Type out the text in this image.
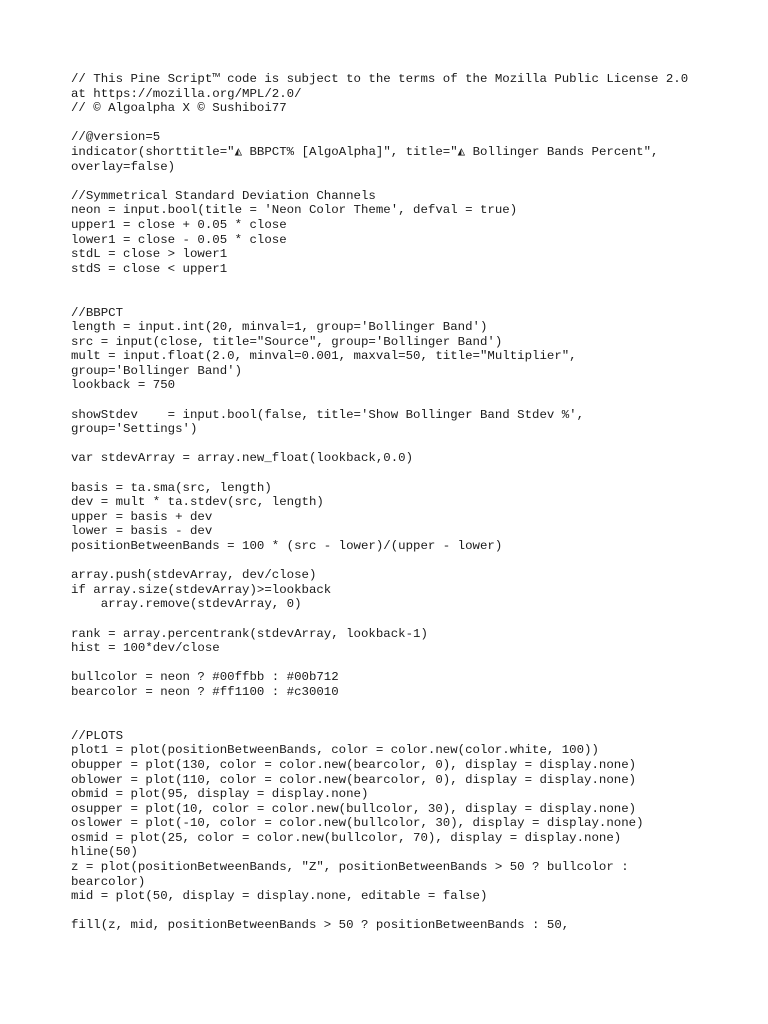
// This Pine Script™ code is subject to the terms of the Mozilla Public License 2.0
at https://mozilla.org/MPL/2.0/
// © Algoalpha X © Sushiboi77
//@version=5
indicator(shorttitle="◭ BBPCT% [AlgoAlpha]", title="◭ Bollinger Bands Percent",
overlay=false)
//Symmetrical Standard Deviation Channels
neon = input.bool(title = 'Neon Color Theme', defval = true)
upper1 = close + 0.05 * close
lower1 = close - 0.05 * close
stdL = close > lower1
stdS = close < upper1
//BBPCT
length = input.int(20, minval=1, group='Bollinger Band')
src = input(close, title="Source", group='Bollinger Band')
mult = input.float(2.0, minval=0.001, maxval=50, title="Multiplier",
group='Bollinger Band')
lookback = 750
showStdev    = input.bool(false, title='Show Bollinger Band Stdev %',
group='Settings')
var stdevArray = array.new_float(lookback,0.0)
basis = ta.sma(src, length)
dev = mult * ta.stdev(src, length)
upper = basis + dev
lower = basis - dev
positionBetweenBands = 100 * (src - lower)/(upper - lower)
array.push(stdevArray, dev/close)
if array.size(stdevArray)>=lookback
array.remove(stdevArray, 0)
rank = array.percentrank(stdevArray, lookback-1)
hist = 100*dev/close
bullcolor = neon ? #00ffbb : #00b712
bearcolor = neon ? #ff1100 : #c30010
//PLOTS
plot1 = plot(positionBetweenBands, color = color.new(color.white, 100))
obupper = plot(130, color = color.new(bearcolor, 0), display = display.none)
oblower = plot(110, color = color.new(bearcolor, 0), display = display.none)
obmid = plot(95, display = display.none)
osupper = plot(10, color = color.new(bullcolor, 30), display = display.none)
oslower = plot(-10, color = color.new(bullcolor, 30), display = display.none)
osmid = plot(25, color = color.new(bullcolor, 70), display = display.none)
hline(50)
z = plot(positionBetweenBands, "Z", positionBetweenBands > 50 ? bullcolor :
bearcolor)
mid = plot(50, display = display.none, editable = false)
fill(z, mid, positionBetweenBands > 50 ? positionBetweenBands : 50,
